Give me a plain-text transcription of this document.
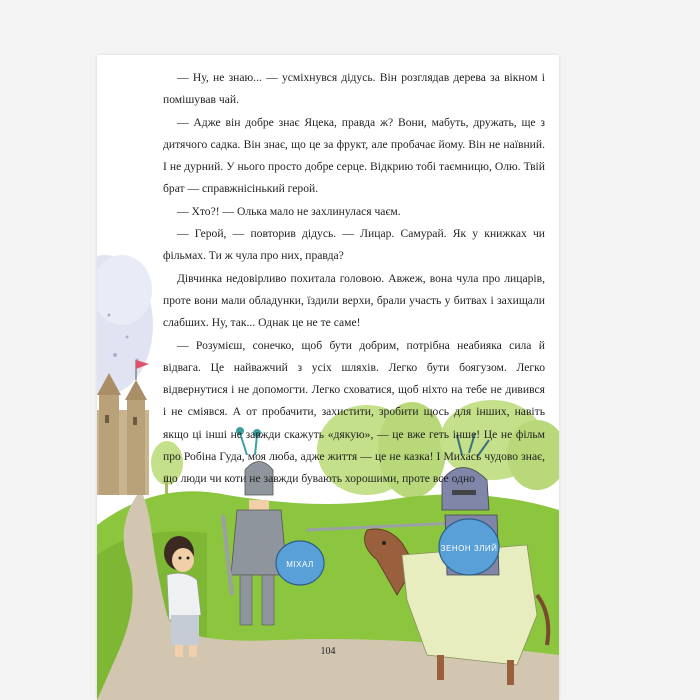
МІХАЛ
ЗЕНОН ЗЛИЙ

— Ну, не знаю... — усміхнувся дідусь. Він розглядав дерева за вікном і помішував чай.

— Адже він добре знає Яцека, правда ж? Вони, мабуть, дружать, ще з дитячого садка. Він знає, що це за фрукт, але пробачає йому. Він не наївний. І не дурний. У нього просто добре серце. Відкрию тобі таємницю, Олю. Твій брат — справжнісінький герой.

— Хто?! — Олька мало не захлинулася чаєм.

— Герой, — повторив дідусь. — Лицар. Самурай. Як у книжках чи фільмах. Ти ж чула про них, правда?

Дівчинка недовірливо похитала головою. Авжеж, вона чула про лицарів, проте вони мали обладунки, їздили верхи, брали участь у битвах і захищали слабших. Ну, так... Однак це не те саме!

— Розумієш, сонечко, щоб бути добрим, потрібна неабияка сила й відвага. Це найважчий з усіх шляхів. Легко бути боягузом. Легко відвернутися і не допомогти. Легко сховатися, щоб ніхто на тебе не дивився і не сміявся. А от пробачити, захистити, зробити щось для інших, навіть якщо ці інші не завжди скажуть «дякую», — це вже геть інше! Це не фільм про Робіна Гуда, моя люба, адже життя — це не казка! І Михась чудово знає, що люди чи коти не завжди бувають хорошими, проте все одно

104
